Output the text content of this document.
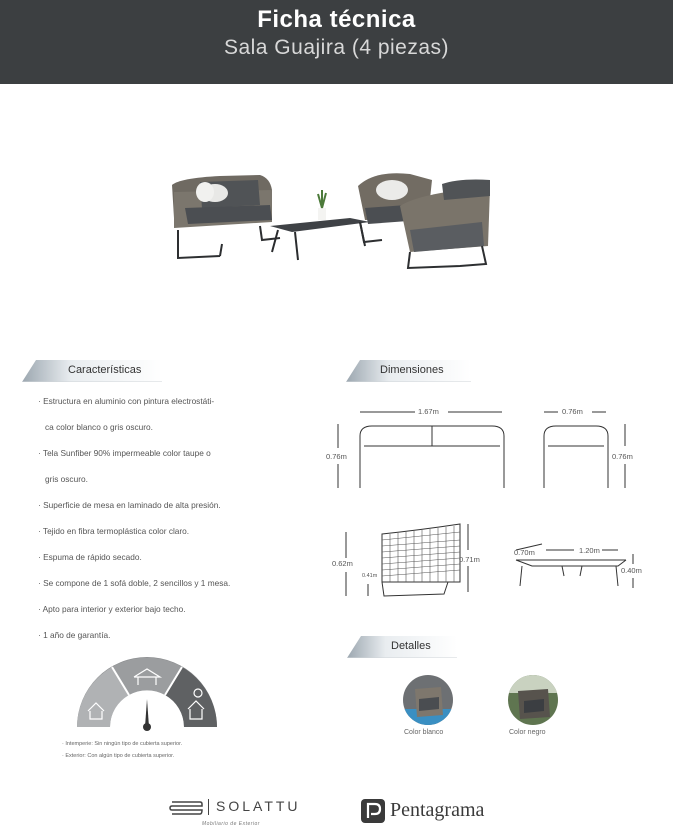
Ficha técnica
Sala Guajira (4 piezas)
Características	Dimensiones
· Estructura en aluminio con pintura electrostáti-
ca color blanco o gris oscuro.
· Tela Sunfiber 90% impermeable color taupe o
gris oscuro.
· Superficie de mesa en laminado de alta presión.
· Tejido en fibra termoplástica color claro.
· Espuma de rápido secado.
· Se compone de 1 sofá doble, 2 sencillos y 1 mesa.
· Apto para interior y exterior bajo techo.
· 1 año de garantía.
1.67m
0.76m
0.76m
0.76m
0.62m
0.41m
0.71m
1.20m
0.70m
0.40m
· Intemperie: Sin ningún tipo de cubierta superior.
· Exterior: Con algún tipo de cubierta superior.
Detalles
Color blanco	Color negro
SOLATTU
Mobiliario de Exterior
Pentagrama
